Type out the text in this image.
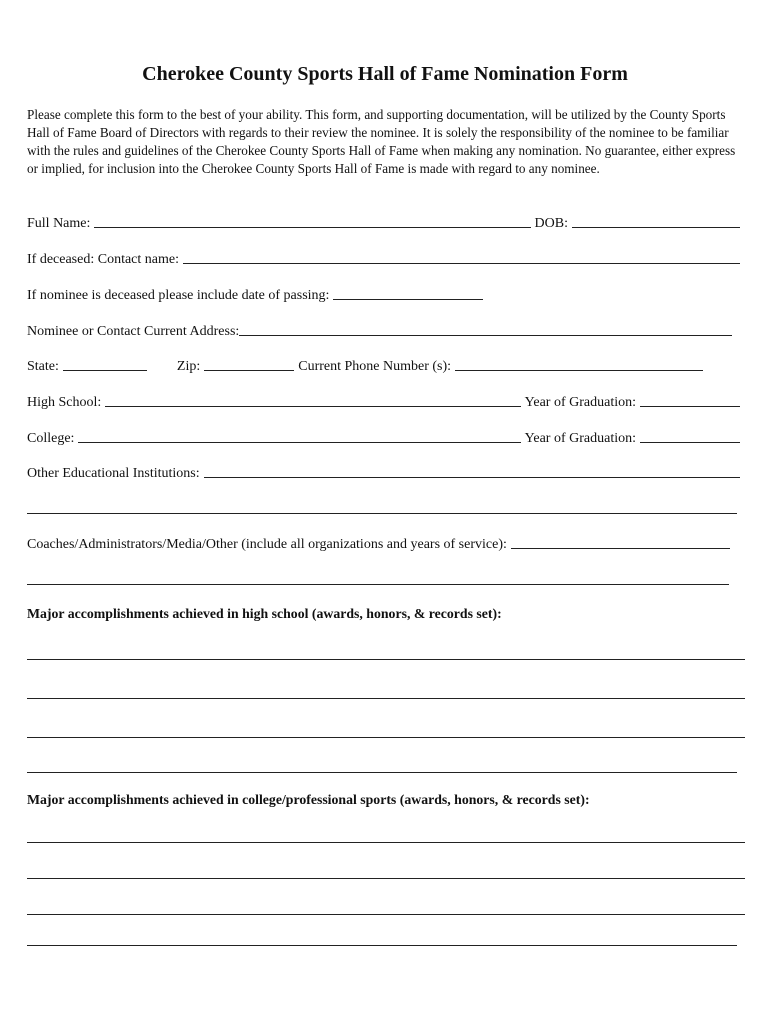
Cherokee County Sports Hall of Fame Nomination Form

Please complete this form to the best of your ability. This form, and supporting documentation, will be utilized by the County Sports Hall of Fame Board of Directors with regards to their review the nominee. It is solely the responsibility of the nominee to be familiar with the rules and guidelines of the Cherokee County Sports Hall of Fame when making any nomination. No guarantee, either express or implied, for inclusion into the Cherokee County Sports Hall of Fame is made with regard to any nominee.

Full Name:	DOB:
If deceased: Contact name:
If nominee is deceased please include date of passing:
Nominee or Contact Current Address:
State:	Zip:	Current Phone Number (s):
High School:	Year of Graduation:
College:	Year of Graduation:
Other Educational Institutions:
Coaches/Administrators/Media/Other (include all organizations and years of service):
Major accomplishments achieved in high school (awards, honors, & records set):
Major accomplishments achieved in college/professional sports (awards, honors, & records set):
